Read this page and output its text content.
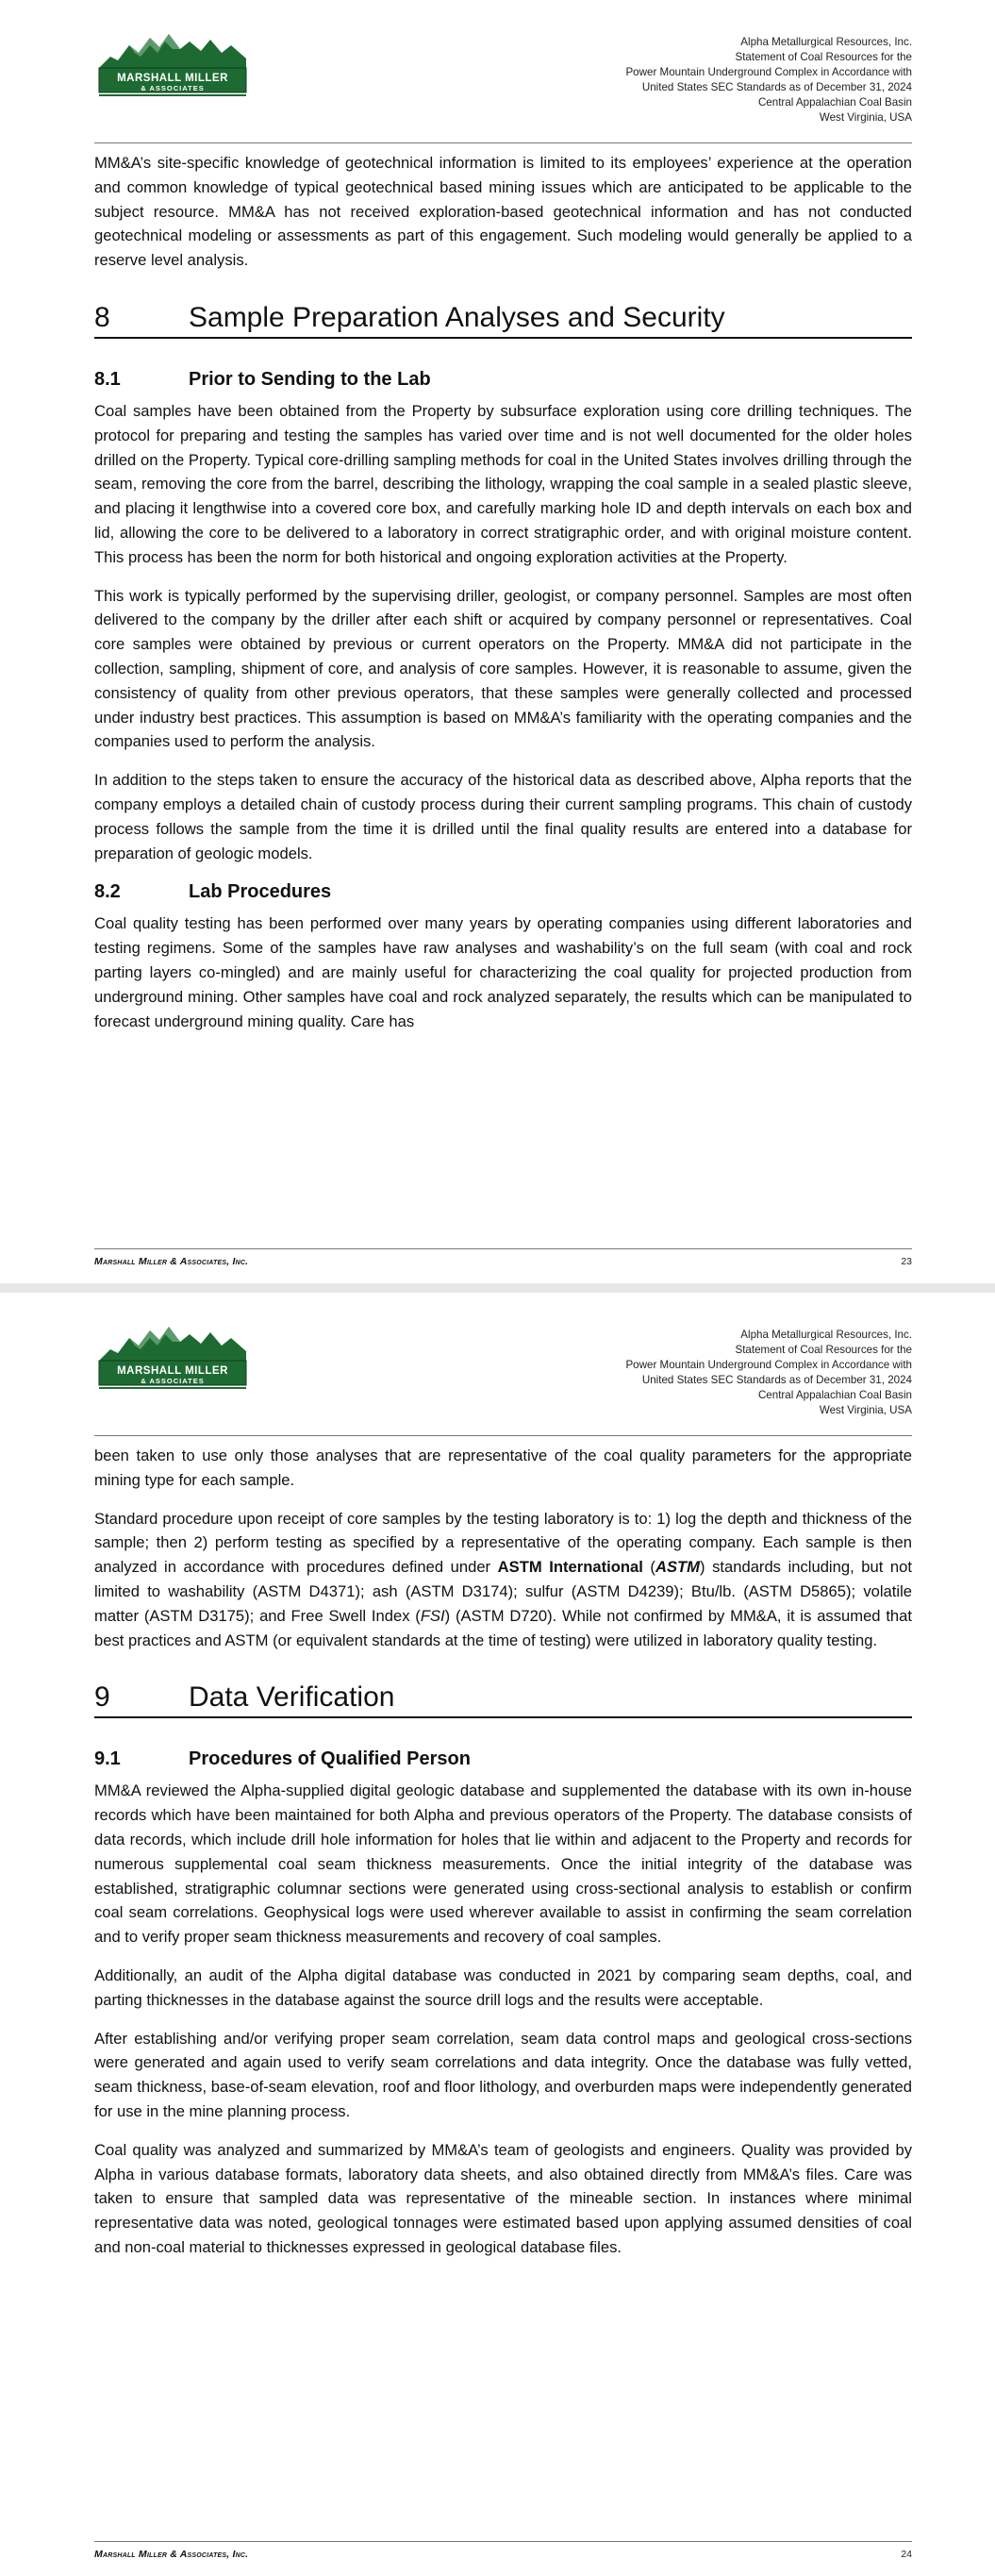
MARSHALL MILLER
& ASSOCIATES
Alpha Metallurgical Resources, Inc.
Statement of Coal Resources for the
Power Mountain Underground Complex in Accordance with
United States SEC Standards as of December 31, 2024
Central Appalachian Coal Basin
West Virginia, USA

MM&A’s site-specific knowledge of geotechnical information is limited to its employees’ experience at the operation and common knowledge of typical geotechnical based mining issues which are anticipated to be applicable to the subject resource. MM&A has not received exploration-based geotechnical information and has not conducted geotechnical modeling or assessments as part of this engagement. Such modeling would generally be applied to a reserve level analysis.

8	Sample Preparation Analyses and Security
8.1	Prior to Sending to the Lab

Coal samples have been obtained from the Property by subsurface exploration using core drilling techniques. The protocol for preparing and testing the samples has varied over time and is not well documented for the older holes drilled on the Property. Typical core-drilling sampling methods for coal in the United States involves drilling through the seam, removing the core from the barrel, describing the lithology, wrapping the coal sample in a sealed plastic sleeve, and placing it lengthwise into a covered core box, and carefully marking hole ID and depth intervals on each box and lid, allowing the core to be delivered to a laboratory in correct stratigraphic order, and with original moisture content. This process has been the norm for both historical and ongoing exploration activities at the Property.

This work is typically performed by the supervising driller, geologist, or company personnel. Samples are most often delivered to the company by the driller after each shift or acquired by company personnel or representatives. Coal core samples were obtained by previous or current operators on the Property. MM&A did not participate in the collection, sampling, shipment of core, and analysis of core samples. However, it is reasonable to assume, given the consistency of quality from other previous operators, that these samples were generally collected and processed under industry best practices. This assumption is based on MM&A’s familiarity with the operating companies and the companies used to perform the analysis.

In addition to the steps taken to ensure the accuracy of the historical data as described above, Alpha reports that the company employs a detailed chain of custody process during their current sampling programs. This chain of custody process follows the sample from the time it is drilled until the final quality results are entered into a database for preparation of geologic models.

8.2	Lab Procedures

Coal quality testing has been performed over many years by operating companies using different laboratories and testing regimens. Some of the samples have raw analyses and washability’s on the full seam (with coal and rock parting layers co-mingled) and are mainly useful for characterizing the coal quality for projected production from underground mining. Other samples have coal and rock analyzed separately, the results which can be manipulated to forecast underground mining quality. Care has

Marshall Miller & Associates, Inc.	23
MARSHALL MILLER
& ASSOCIATES
Alpha Metallurgical Resources, Inc.
Statement of Coal Resources for the
Power Mountain Underground Complex in Accordance with
United States SEC Standards as of December 31, 2024
Central Appalachian Coal Basin
West Virginia, USA

been taken to use only those analyses that are representative of the coal quality parameters for the appropriate mining type for each sample.

Standard procedure upon receipt of core samples by the testing laboratory is to: 1) log the depth and thickness of the sample; then 2) perform testing as specified by a representative of the operating company. Each sample is then analyzed in accordance with procedures defined under ASTM International (ASTM) standards including, but not limited to washability (ASTM D4371); ash (ASTM D3174); sulfur (ASTM D4239); Btu/lb. (ASTM D5865); volatile matter (ASTM D3175); and Free Swell Index (FSI) (ASTM D720). While not confirmed by MM&A, it is assumed that best practices and ASTM (or equivalent standards at the time of testing) were utilized in laboratory quality testing.

9	Data Verification
9.1	Procedures of Qualified Person

MM&A reviewed the Alpha-supplied digital geologic database and supplemented the database with its own in-house records which have been maintained for both Alpha and previous operators of the Property. The database consists of data records, which include drill hole information for holes that lie within and adjacent to the Property and records for numerous supplemental coal seam thickness measurements. Once the initial integrity of the database was established, stratigraphic columnar sections were generated using cross-sectional analysis to establish or confirm coal seam correlations. Geophysical logs were used wherever available to assist in confirming the seam correlation and to verify proper seam thickness measurements and recovery of coal samples.

Additionally, an audit of the Alpha digital database was conducted in 2021 by comparing seam depths, coal, and parting thicknesses in the database against the source drill logs and the results were acceptable.

After establishing and/or verifying proper seam correlation, seam data control maps and geological cross-sections were generated and again used to verify seam correlations and data integrity. Once the database was fully vetted, seam thickness, base-of-seam elevation, roof and floor lithology, and overburden maps were independently generated for use in the mine planning process.

Coal quality was analyzed and summarized by MM&A’s team of geologists and engineers. Quality was provided by Alpha in various database formats, laboratory data sheets, and also obtained directly from MM&A’s files. Care was taken to ensure that sampled data was representative of the mineable section. In instances where minimal representative data was noted, geological tonnages were estimated based upon applying assumed densities of coal and non-coal material to thicknesses expressed in geological database files.

Marshall Miller & Associates, Inc.	24
